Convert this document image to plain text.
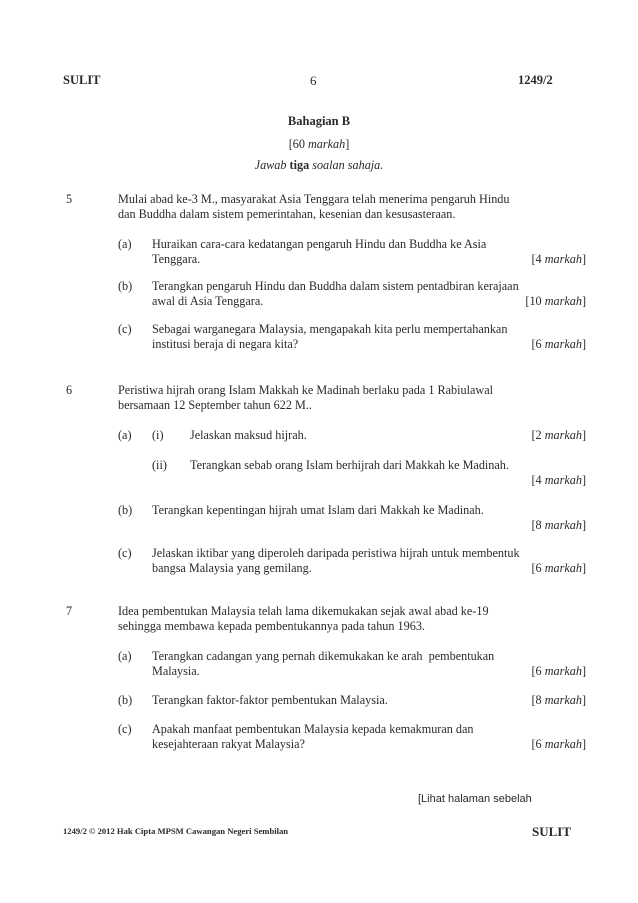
SULIT	6	1249/2
Bahagian B
[60 markah]
Jawab tiga soalan sahaja.
5	Mulai abad ke-3 M., masyarakat Asia Tenggara telah menerima pengaruh Hindu
dan Buddha dalam sistem pemerintahan, kesenian dan kesusasteraan.
(a) Huraikan cara-cara kedatangan pengaruh Hindu dan Buddha ke Asia
Tenggara.	[4 markah]
(b) Terangkan pengaruh Hindu dan Buddha dalam sistem pentadbiran kerajaan
awal di Asia Tenggara.	[10 markah]
(c) Sebagai warganegara Malaysia, mengapakah kita perlu mempertahankan
institusi beraja di negara kita?	[6 markah]
6	Peristiwa hijrah orang Islam Makkah ke Madinah berlaku pada 1 Rabiulawal
bersamaan 12 September tahun 622 M..
(a) (i) Jelaskan maksud hijrah.	[2 markah]
(ii) Terangkan sebab orang Islam berhijrah dari Makkah ke Madinah.
[4 markah]
(b) Terangkan kepentingan hijrah umat Islam dari Makkah ke Madinah.
[8 markah]
(c) Jelaskan iktibar yang diperoleh daripada peristiwa hijrah untuk membentuk
bangsa Malaysia yang gemilang.	[6 markah]
7	Idea pembentukan Malaysia telah lama dikemukakan sejak awal abad ke-19
sehingga membawa kepada pembentukannya pada tahun 1963.
(a) Terangkan cadangan yang pernah dikemukakan ke arah  pembentukan
Malaysia.	[6 markah]
(b) Terangkan faktor-faktor pembentukan Malaysia.	[8 markah]
(c) Apakah manfaat pembentukan Malaysia kepada kemakmuran dan
kesejahteraan rakyat Malaysia?	[6 markah]
[Lihat halaman sebelah
1249/2 © 2012 Hak Cipta MPSM Cawangan Negeri Sembilan	SULIT
